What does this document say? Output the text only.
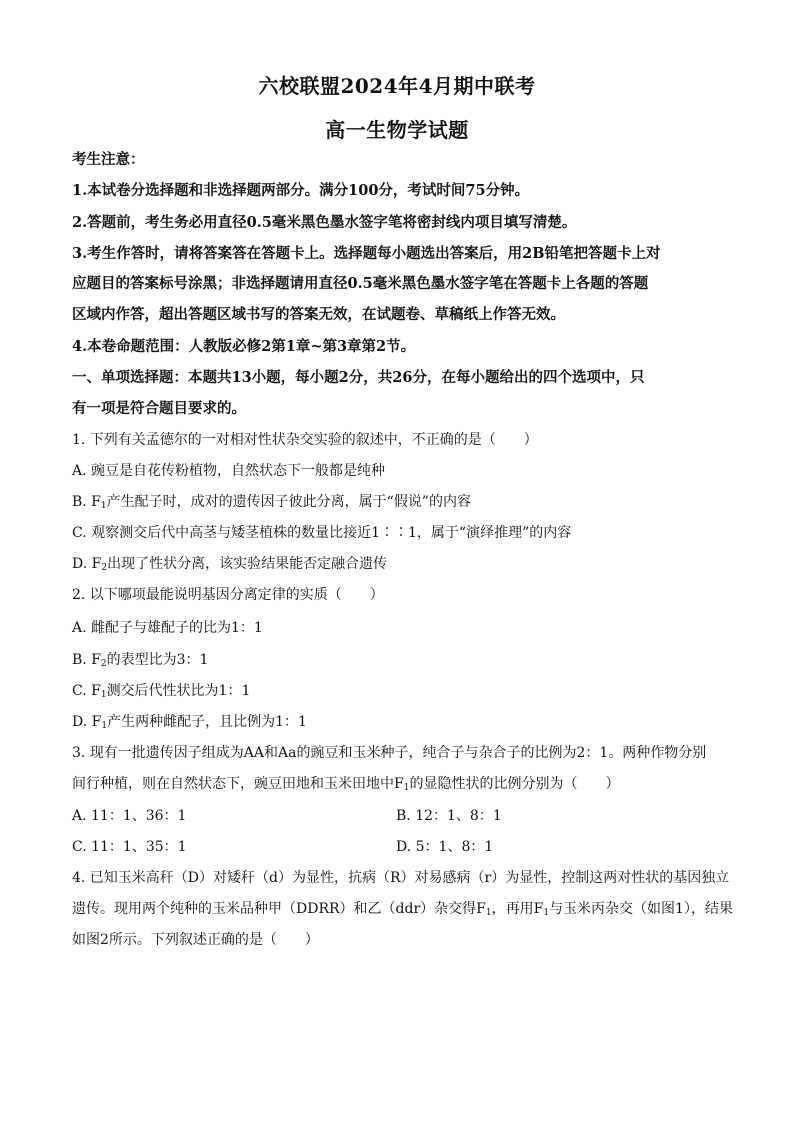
六校联盟2024年4月期中联考
高一生物学试题
考生注意：
1.本试卷分选择题和非选择题两部分。满分100分，考试时间75分钟。
2.答题前，考生务必用直径0.5毫米黑色墨水签字笔将密封线内项目填写清楚。
3.考生作答时，请将答案答在答题卡上。选择题每小题选出答案后，用2B铅笔把答题卡上对
应题目的答案标号涂黑；非选择题请用直径0.5毫米黑色墨水签字笔在答题卡上各题的答题
区域内作答，超出答题区域书写的答案无效，在试题卷、草稿纸上作答无效。
4.本卷命题范围：人教版必修2第1章~第3章第2节。
一、单项选择题：本题共13小题，每小题2分，共26分，在每小题给出的四个选项中，只
有一项是符合题目要求的。
1. 下列有关孟德尔的一对相对性状杂交实验的叙述中，不正确的是（　　）
A. 豌豆是自花传粉植物，自然状态下一般都是纯种
B. $F_1$产生配子时，成对的遗传因子彼此分离，属于“假说”的内容
C. 观察测交后代中高茎与矮茎植株的数量比接近1∶∶1，属于“演绎推理”的内容
D. $F_2$出现了性状分离，该实验结果能否定融合遗传
2. 以下哪项最能说明基因分离定律的实质（　　）
A. 雌配子与雄配子的比为1：1
B. $F_2$的表型比为3：1
C. $F_1$测交后代性状比为1：1
D. $F_1$产生两种雌配子，且比例为1：1
3. 现有一批遗传因子组成为AA和Aa的豌豆和玉米种子，纯合子与杂合子的比例为2：1。两种作物分别
间行种植，则在自然状态下，豌豆田地和玉米田地中$F_1$的显隐性状的比例分别为（　　）
A. 11：1、36：1	B. 12：1、8：1
C. 11：1、35：1	D. 5：1、8：1
4. 已知玉米高秆（D）对矮秆（d）为显性，抗病（R）对易感病（r）为显性，控制这两对性状的基因独立
遗传。现用两个纯种的玉米品种甲（DDRR）和乙（ddr）杂交得$F_1$，再用$F_1$与玉米丙杂交（如图1），结果
如图2所示。下列叙述正确的是（　　）
